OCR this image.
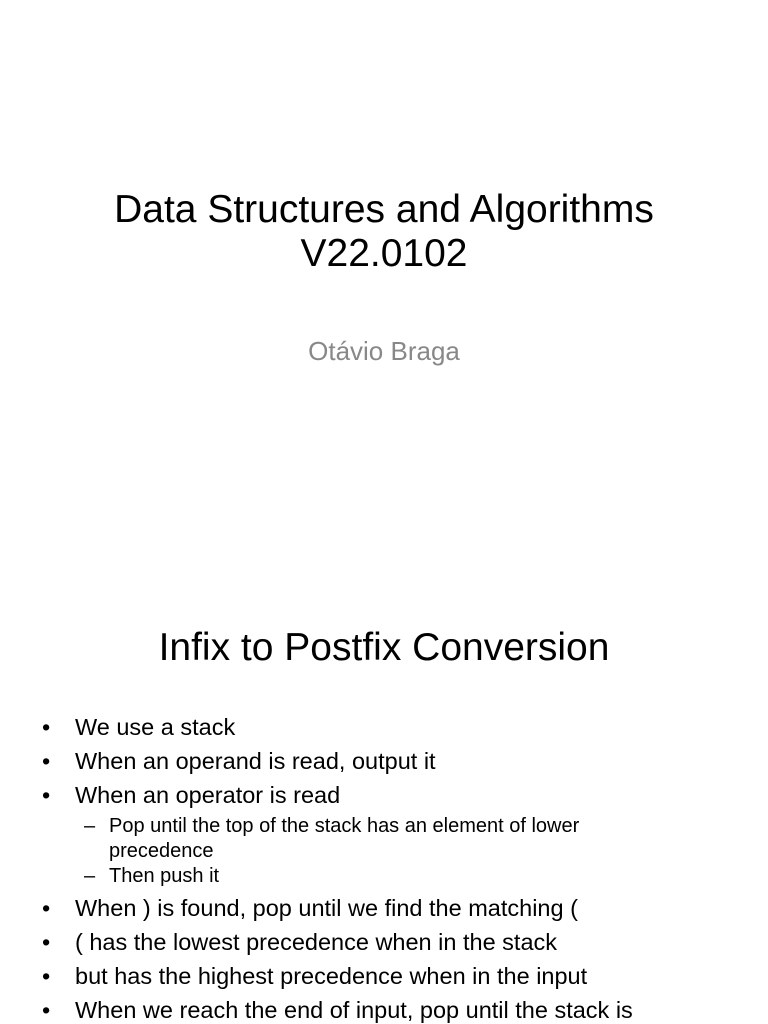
Data Structures and Algorithms
V22.0102

Otávio Braga

Infix to Postfix Conversion
• We use a stack
• When an operand is read, output it
• When an operator is read
– Pop until the top of the stack has an element of lower precedence
– Then push it
• When ) is found, pop until we find the matching (
• ( has the lowest precedence when in the stack
• but has the highest precedence when in the input
• When we reach the end of input, pop until the stack is
